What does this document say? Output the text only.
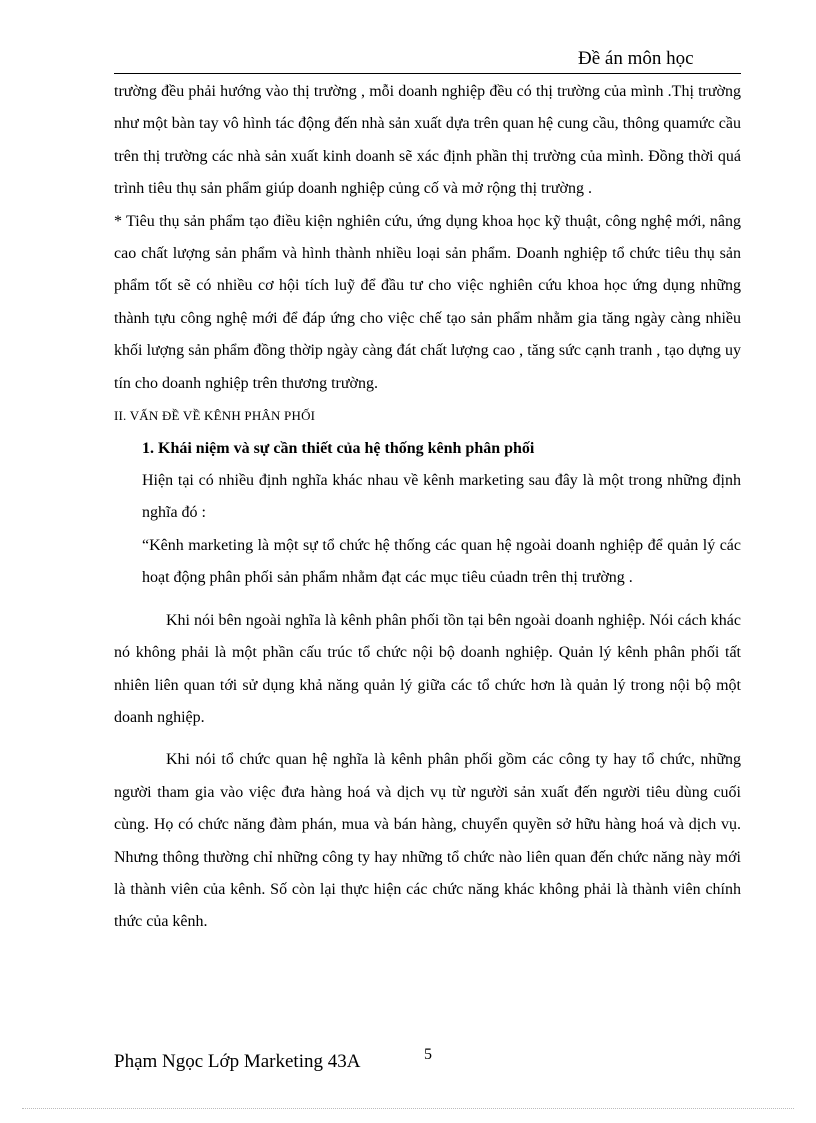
Đề án môn học

trường đều phải hướng vào thị trường , mỗi doanh nghiệp đều có thị trường của mình .Thị trường như một bàn tay vô hình tác động đến nhà sản xuất dựa trên quan hệ cung cầu, thông quamức cầu trên thị trường các nhà sản xuất kinh doanh sẽ xác định phần thị trường của mình. Đồng thời quá trình tiêu thụ sản phẩm giúp doanh nghiệp củng cố và mở rộng thị trường .

* Tiêu thụ sản phẩm tạo điều kiện nghiên cứu, ứng dụng khoa học kỹ thuật, công nghệ mới, nâng cao chất lượng sản phẩm và hình thành nhiều loại sản phẩm. Doanh nghiệp tổ chức tiêu thụ sản phẩm tốt sẽ có nhiều cơ hội tích luỹ để đầu tư cho việc nghiên cứu khoa học ứng dụng những thành tựu công nghệ mới để đáp ứng cho việc chế tạo sản phẩm nhằm gia tăng ngày càng nhiều khối lượng sản phẩm đồng thờip ngày càng đát chất lượng cao , tăng sức cạnh tranh , tạo dựng uy tín cho doanh nghiệp trên thương trường.

II. VẤN ĐỀ VỀ KÊNH PHÂN PHỐI

1. Khái niệm và sự cần thiết của hệ thống kênh phân phối

Hiện tại có nhiều định nghĩa khác nhau về kênh marketing sau đây là một trong những định nghĩa đó :

“Kênh marketing là một sự tổ chức hệ thống các quan hệ ngoài doanh nghiệp để quản lý các hoạt động phân phối sản phẩm nhằm đạt các mục tiêu củadn trên thị trường .

Khi nói bên ngoài nghĩa là kênh phân phối tồn tại bên ngoài doanh nghiệp. Nói cách khác nó không phải là một phần cấu trúc tổ chức nội bộ doanh nghiệp. Quản lý kênh phân phối tất nhiên liên quan tới sử dụng khả năng quản lý giữa các tổ chức hơn là quản lý trong nội bộ một doanh nghiệp.

Khi nói tổ chức quan hệ nghĩa là kênh phân phối gồm các công ty hay tổ chức, những người tham gia vào việc đưa hàng hoá và dịch vụ từ người sản xuất đến người tiêu dùng cuối cùng. Họ có chức năng đàm phán, mua và bán hàng, chuyển quyền sở hữu hàng hoá và dịch vụ. Nhưng thông thường chỉ những công ty hay những tổ chức nào liên quan đến chức năng này mới là thành viên của kênh. Số còn lại thực hiện các chức năng khác không phải là thành viên chính thức của kênh.

Phạm Ngọc Lớp Marketing 43A	5
